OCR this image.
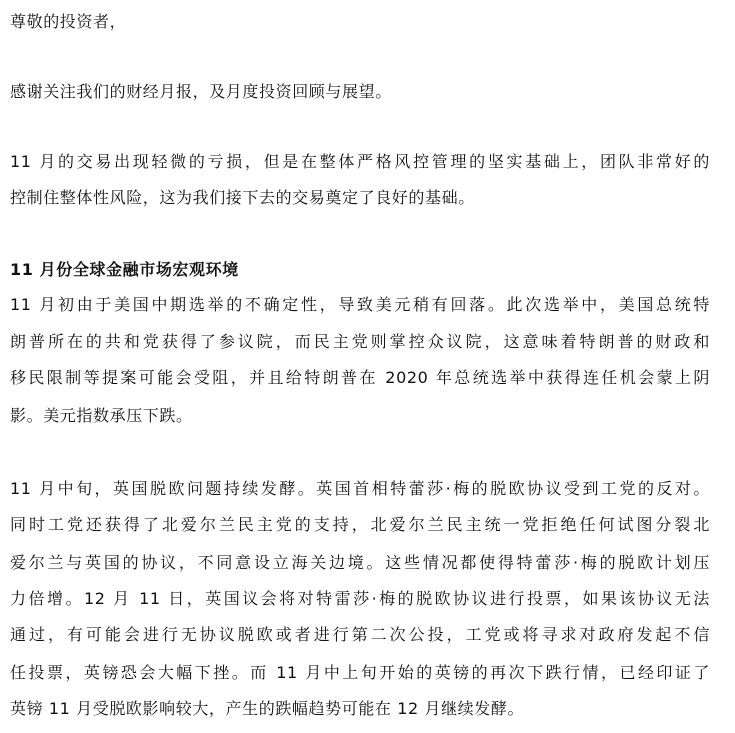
尊敬的投资者，
感谢关注我们的财经月报，及月度投资回顾与展望。
11 月的交易出现轻微的亏损，但是在整体严格风控管理的坚实基础上，团队非常好的
控制住整体性风险，这为我们接下去的交易奠定了良好的基础。
11 月份全球金融市场宏观环境
11 月初由于美国中期选举的不确定性，导致美元稍有回落。此次选举中，美国总统特
朗普所在的共和党获得了参议院，而民主党则掌控众议院，这意味着特朗普的财政和
移民限制等提案可能会受阻，并且给特朗普在 2020 年总统选举中获得连任机会蒙上阴
影。美元指数承压下跌。
11 月中旬，英国脱欧问题持续发酵。英国首相特蕾莎·梅的脱欧协议受到工党的反对。
同时工党还获得了北爱尔兰民主党的支持，北爱尔兰民主统一党拒绝任何试图分裂北
爱尔兰与英国的协议，不同意设立海关边境。这些情况都使得特蕾莎·梅的脱欧计划压
力倍增。12 月 11 日，英国议会将对特雷莎·梅的脱欧协议进行投票，如果该协议无法
通过，有可能会进行无协议脱欧或者进行第二次公投，工党或将寻求对政府发起不信
任投票，英镑恐会大幅下挫。而 11 月中上旬开始的英镑的再次下跌行情，已经印证了
英镑 11 月受脱欧影响较大，产生的跌幅趋势可能在 12 月继续发酵。
